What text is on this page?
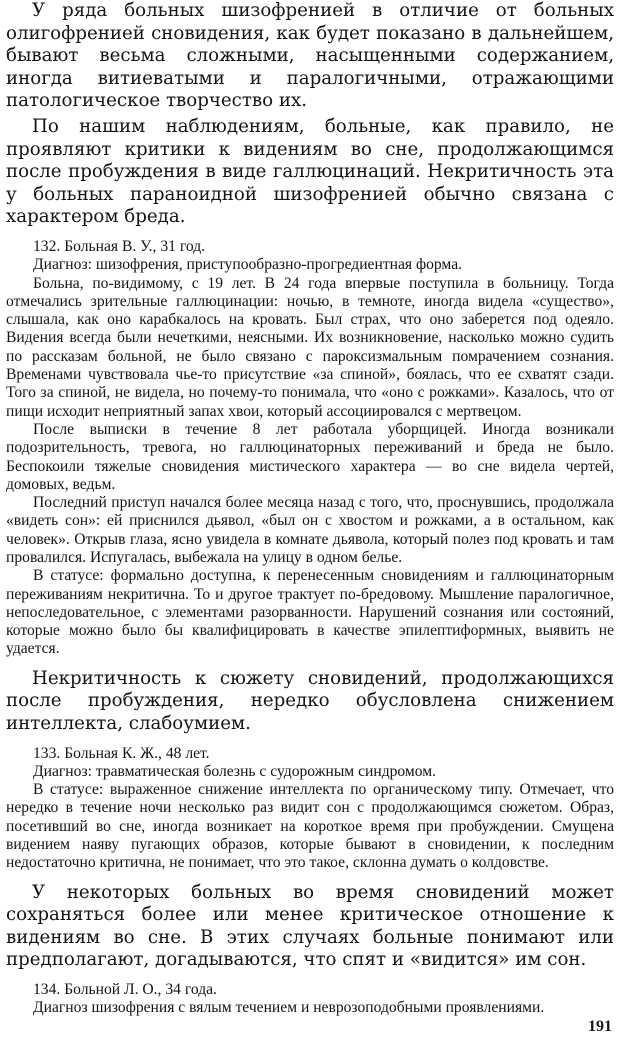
У ряда больных шизофренией в отличие от больных олигофренией сновидения, как будет показано в дальнейшем, бывают весьма сложными, насыщенными содержанием, иногда витиеватыми и паралогичными, отражающими патологическое творчество их.

По нашим наблюдениям, больные, как правило, не проявляют критики к видениям во сне, продолжающимся после пробуждения в виде галлюцинаций. Некритичность эта у больных параноидной шизофренией обычно связана с характером бреда.

132. Больная В. У., 31 год.

Диагноз: шизофрения, приступообразно-прогредиентная форма.

Больна, по-видимому, с 19 лет. В 24 года впервые поступила в больницу. Тогда отмечались зрительные галлюцинации: ночью, в темноте, иногда видела «существо», слышала, как оно карабкалось на кровать. Был страх, что оно заберется под одеяло. Видения всегда были нечеткими, неясными. Их возникновение, насколько можно судить по рассказам больной, не было связано с пароксизмальным помрачением сознания. Временами чувствовала чье-то присутствие «за спиной», боялась, что ее схватят сзади. Того за спиной, не видела, но почему-то понимала, что «оно с рожками». Казалось, что от пищи исходит неприятный запах хвои, который ассоциировался с мертвецом.

После выписки в течение 8 лет работала уборщицей. Иногда возникали подозрительность, тревога, но галлюцинаторных переживаний и бреда не было. Беспокоили тяжелые сновидения мистического характера — во сне видела чертей, домовых, ведьм.

Последний приступ начался более месяца назад с того, что, проснувшись, продолжала «видеть сон»: ей приснился дьявол, «был он с хвостом и рожками, а в остальном, как человек». Открыв глаза, ясно увидела в комнате дьявола, который полез под кровать и там провалился. Испугалась, выбежала на улицу в одном белье.

В статусе: формально доступна, к перенесенным сновидениям и галлюцинаторным переживаниям некритична. То и другое трактует по-бредовому. Мышление паралогичное, непоследовательное, с элементами разорванности. Нарушений сознания или состояний, которые можно было бы квалифицировать в качестве эпилептиформных, выявить не удается.

Некритичность к сюжету сновидений, продолжающихся после пробуждения, нередко обусловлена снижением интеллекта, слабоумием.

133. Больная К. Ж., 48 лет.

Диагноз: травматическая болезнь с судорожным синдромом.

В статусе: выраженное снижение интеллекта по органическому типу. Отмечает, что нередко в течение ночи несколько раз видит сон с продолжающимся сюжетом. Образ, посетивший во сне, иногда возникает на короткое время при пробуждении. Смущена видением наяву пугающих образов, которые бывают в сновидении, к последним недостаточно критична, не понимает, что это такое, склонна думать о колдовстве.

У некоторых больных во время сновидений может сохраняться более или менее критическое отношение к видениям во сне. В этих случаях больные понимают или предполагают, догадываются, что спят и «видится» им сон.

134. Больной Л. О., 34 года.

Диагноз шизофрения с вялым течением и неврозоподобными проявлениями.

191
